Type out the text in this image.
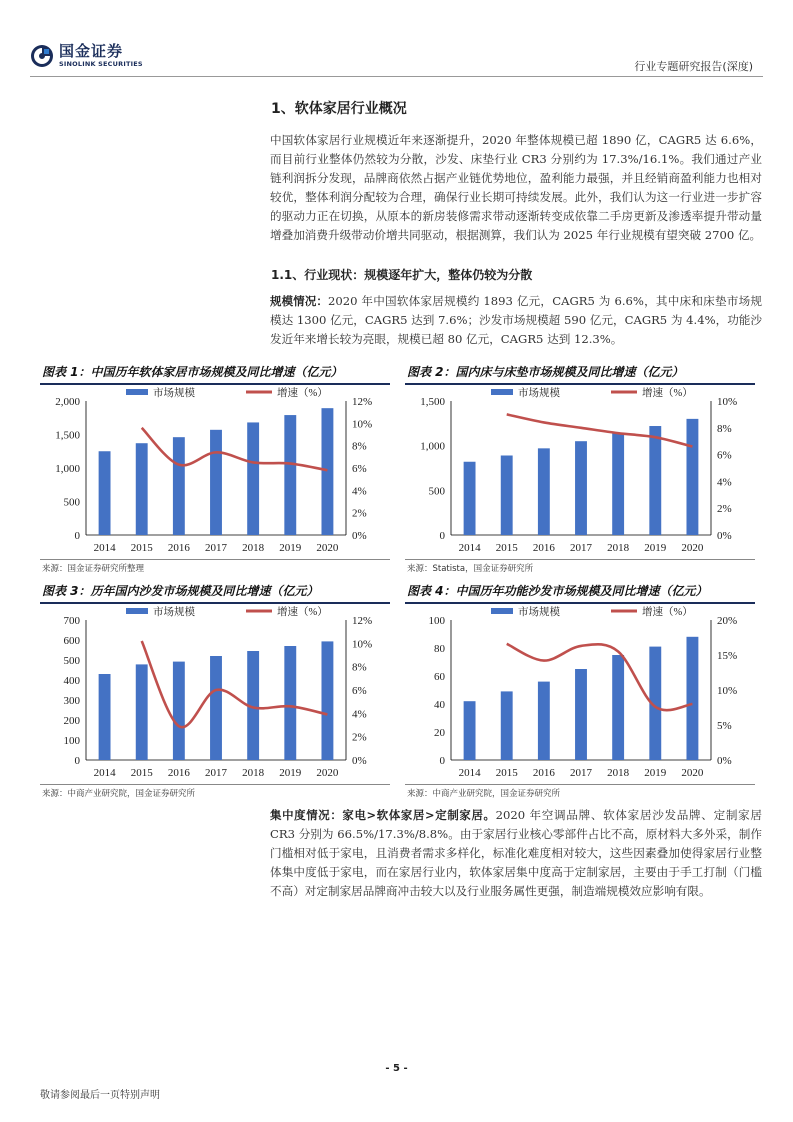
国金证券
SINOLINK SECURITIES	行业专题研究报告(深度)
1、软体家居行业概况
中国软体家居行业规模近年来逐渐提升，2020 年整体规模已超 1890 亿，CAGR5 达 6.6%，而目前行业整体仍然较为分散，沙发、床垫行业 CR3 分别约为 17.3%/16.1%。我们通过产业链利润拆分发现，品牌商依然占据产业链优势地位，盈利能力最强，并且经销商盈利能力也相对较优，整体利润分配较为合理，确保行业长期可持续发展。此外，我们认为这一行业进一步扩容的驱动力正在切换，从原本的新房装修需求带动逐渐转变成依靠二手房更新及渗透率提升带动量增叠加消费升级带动价增共同驱动，根据测算，我们认为 2025 年行业规模有望突破 2700 亿。
1.1、行业现状：规模逐年扩大，整体仍较为分散
规模情况：2020 年中国软体家居规模约 1893 亿元，CAGR5 为 6.6%，其中床和床垫市场规模达 1300 亿元，CAGR5 达到 7.6%；沙发市场规模超 590 亿元，CAGR5 为 4.4%，功能沙发近年来增长较为亮眼，规模已超 80 亿元，CAGR5 达到 12.3%。
图表 1：中国历年软体家居市场规模及同比增速（亿元）
市场规模	增速（%）
0
500
1,000
1,500
2,000
0%
2%
4%
6%
8%
10%
12%
2014 2015 2016 2017 2018 2019 2020
来源：国金证券研究所整理
图表 2：国内床与床垫市场规模及同比增速（亿元）
市场规模	增速（%）
0
500
1,000
1,500
0%
2%
4%
6%
8%
10%
2014 2015 2016 2017 2018 2019 2020
来源：Statista，国金证券研究所
图表 3：历年国内沙发市场规模及同比增速（亿元）
市场规模	增速（%）
0
100
200
300
400
500
600
700
0%
2%
4%
6%
8%
10%
12%
2014 2015 2016 2017 2018 2019 2020
来源：中商产业研究院，国金证券研究所
图表 4：中国历年功能沙发市场规模及同比增速（亿元）
市场规模	增速（%）
0
20
40
60
80
100
0%
5%
10%
15%
20%
2014 2015 2016 2017 2018 2019 2020
来源：中商产业研究院，国金证券研究所
集中度情况：家电>软体家居>定制家居。2020 年空调品牌、软体家居沙发品牌、定制家居 CR3 分别为 66.5%/17.3%/8.8%。由于家居行业核心零部件占比不高，原材料大多外采，制作门槛相对低于家电，且消费者需求多样化，标准化难度相对较大，这些因素叠加使得家居行业整体集中度低于家电，而在家居行业内，软体家居集中度高于定制家居，主要由于手工打制（门槛不高）对定制家居品牌商冲击较大以及行业服务属性更强，制造端规模效应影响有限。
- 5 -
敬请参阅最后一页特别声明
